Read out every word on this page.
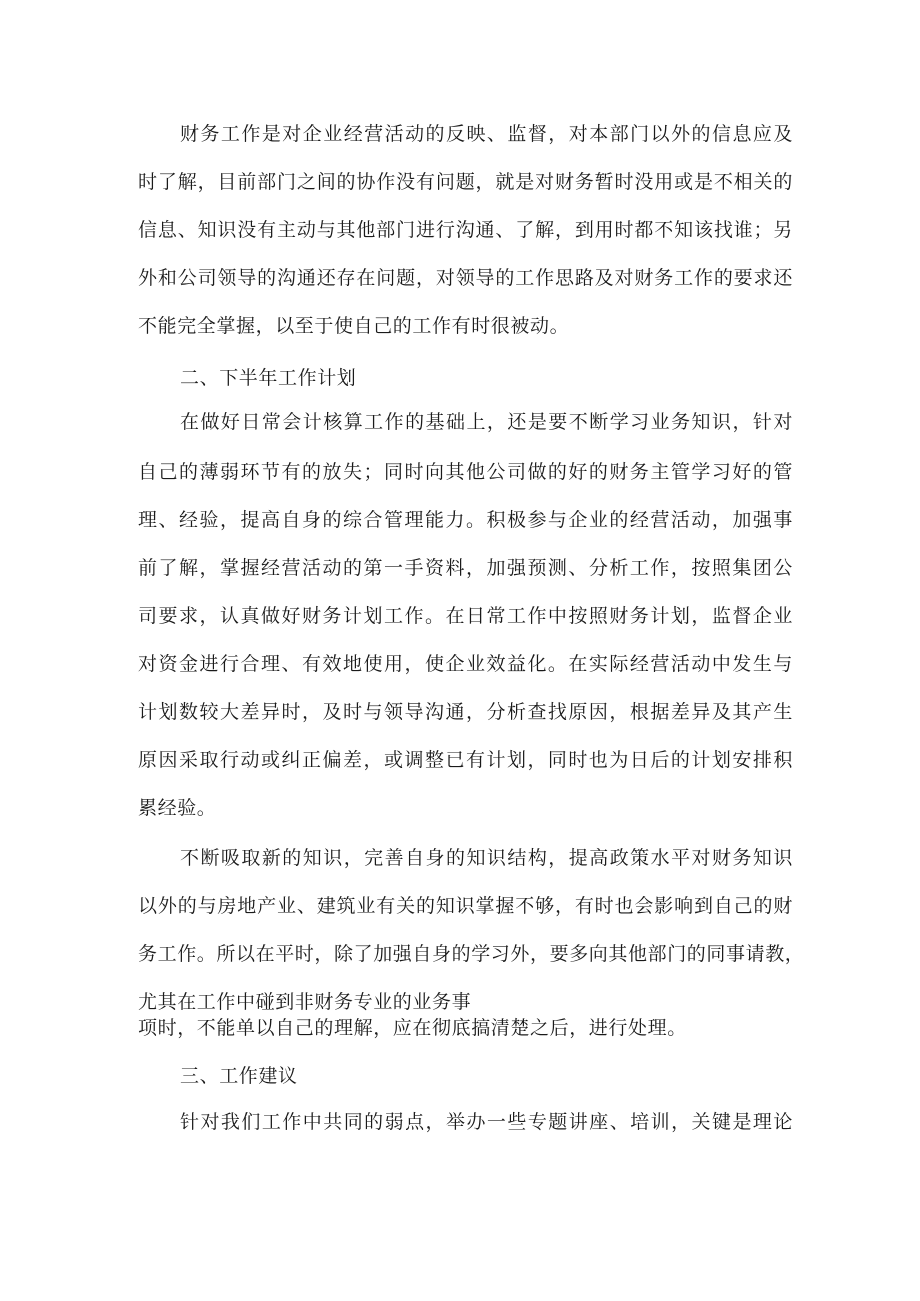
财务工作是对企业经营活动的反映、监督，对本部门以外的信息应及
时了解，目前部门之间的协作没有问题，就是对财务暂时没用或是不相关的
信息、知识没有主动与其他部门进行沟通、了解，到用时都不知该找谁；另
外和公司领导的沟通还存在问题，对领导的工作思路及对财务工作的要求还
不能完全掌握，以至于使自己的工作有时很被动。
二、下半年工作计划
在做好日常会计核算工作的基础上，还是要不断学习业务知识，针对
自己的薄弱环节有的放失；同时向其他公司做的好的财务主管学习好的管
理、经验，提高自身的综合管理能力。积极参与企业的经营活动，加强事
前了解，掌握经营活动的第一手资料，加强预测、分析工作，按照集团公
司要求，认真做好财务计划工作。在日常工作中按照财务计划，监督企业
对资金进行合理、有效地使用，使企业效益化。在实际经营活动中发生与
计划数较大差异时，及时与领导沟通，分析查找原因，根据差异及其产生
原因采取行动或纠正偏差，或调整已有计划，同时也为日后的计划安排积
累经验。
不断吸取新的知识，完善自身的知识结构，提高政策水平对财务知识
以外的与房地产业、建筑业有关的知识掌握不够，有时也会影响到自己的财
务工作。所以在平时，除了加强自身的学习外，要多向其他部门的同事请教，
尤其在工作中碰到非财务专业的业务事
项时，不能单以自己的理解，应在彻底搞清楚之后，进行处理。
三、工作建议
针对我们工作中共同的弱点，举办一些专题讲座、培训，关键是理论
